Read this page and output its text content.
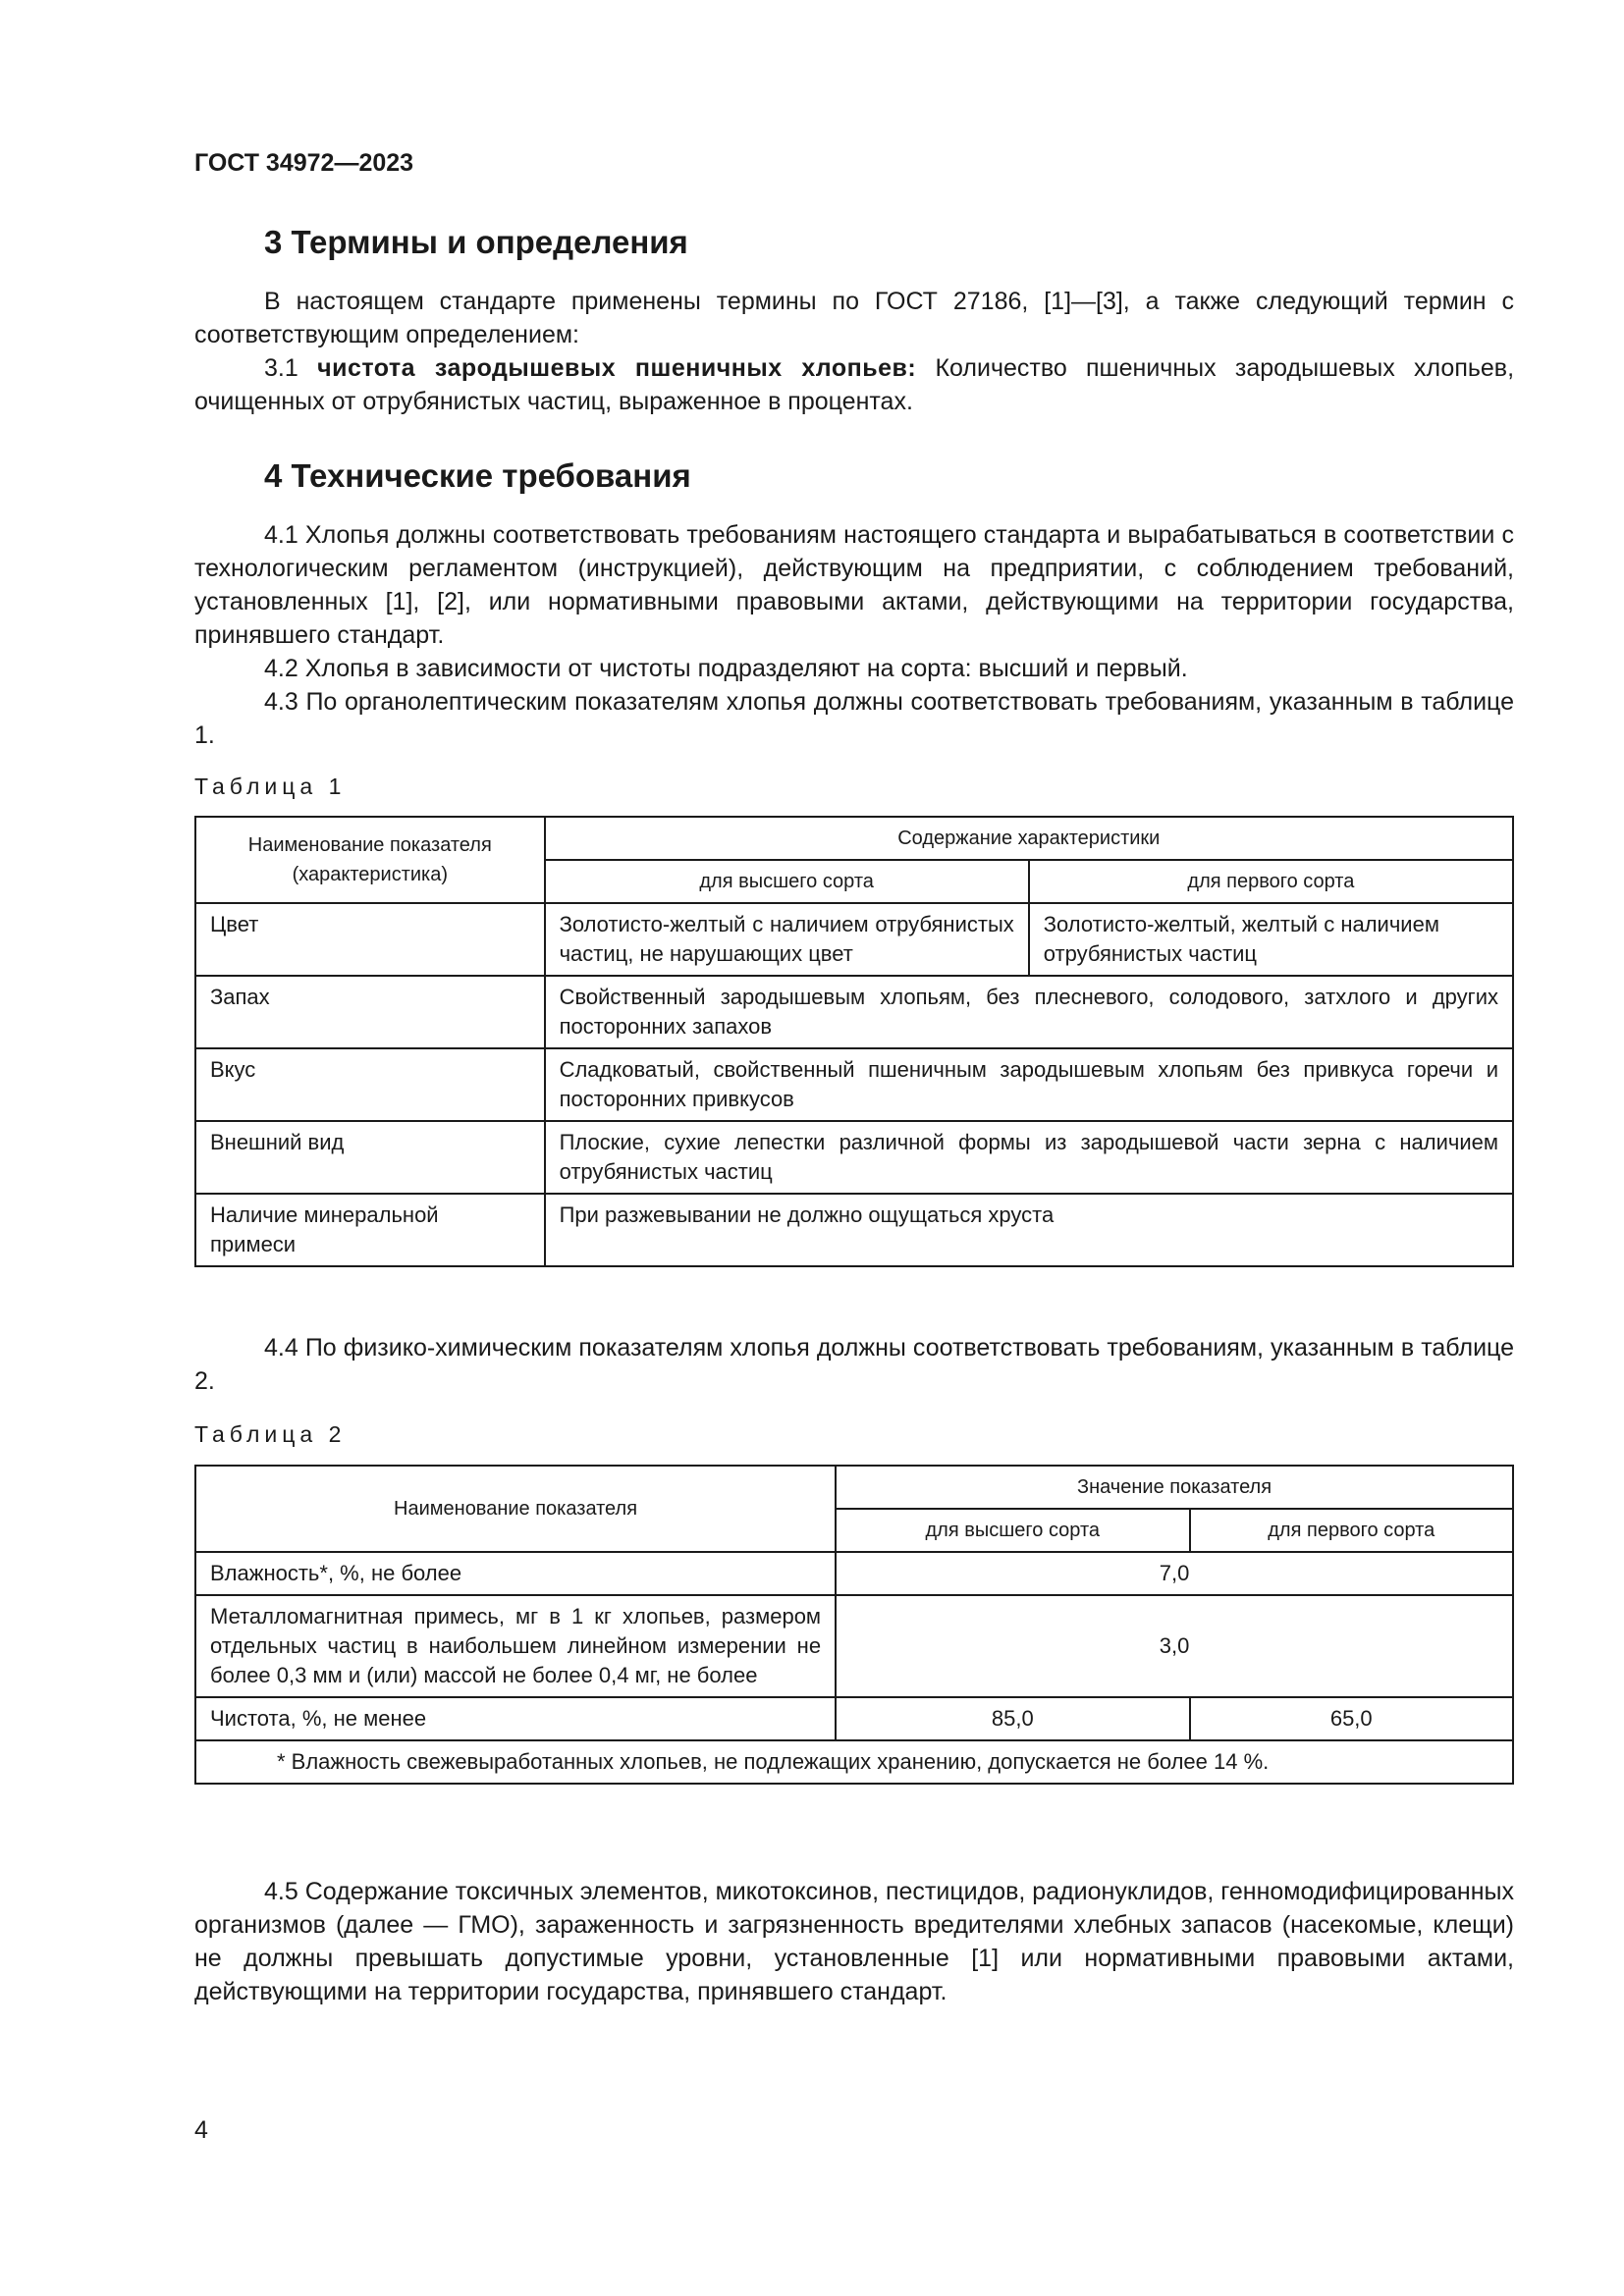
ГОСТ 34972—2023
3 Термины и определения

В настоящем стандарте применены термины по ГОСТ 27186, [1]—[3], а также следующий термин с соответствующим определением:

3.1 чистота зародышевых пшеничных хлопьев: Количество пшеничных зародышевых хлопьев, очищенных от отрубянистых частиц, выраженное в процентах.

4 Технические требования

4.1 Хлопья должны соответствовать требованиям настоящего стандарта и вырабатываться в соответствии с технологическим регламентом (инструкцией), действующим на предприятии, с соблюдением требований, установленных [1], [2], или нормативными правовыми актами, действующими на территории государства, принявшего стандарт.

4.2 Хлопья в зависимости от чистоты подразделяют на сорта: высший и первый.

4.3 По органолептическим показателям хлопья должны соответствовать требованиям, указанным в таблице 1.

Таблица 1

Наименование показателя (характеристика)	Содержание характеристики	
	для высшего сорта	для первого сорта
Цвет	Золотисто-желтый с наличием отрубянистых частиц, не нарушающих цвет	Золотисто-желтый, желтый с наличием отрубянистых частиц
Запах	Свойственный зародышевым хлопьям, без плесневого, солодового, затхлого и других посторонних запахов	
Вкус	Сладковатый, свойственный пшеничным зародышевым хлопьям без привкуса горечи и посторонних привкусов	
Внешний вид	Плоские, сухие лепестки различной формы из зародышевой части зерна с наличием отрубянистых частиц	
Наличие минеральной примеси	При разжевывании не должно ощущаться хруста	

4.4 По физико-химическим показателям хлопья должны соответствовать требованиям, указанным в таблице 2.

Таблица 2

Наименование показателя	Значение показателя	
	для высшего сорта	для первого сорта
Влажность*, %, не более	7,0	
Металломагнитная примесь, мг в 1 кг хлопьев, размером отдельных частиц в наибольшем линейном измерении не более 0,3 мм и (или) массой не более 0,4 мг, не более	3,0	
Чистота, %, не менее	85,0	65,0
* Влажность свежевыработанных хлопьев, не подлежащих хранению, допускается не более 14 %.		

4.5 Содержание токсичных элементов, микотоксинов, пестицидов, радионуклидов, генномодифицированных организмов (далее — ГМО), зараженность и загрязненность вредителями хлебных запасов (насекомые, клещи) не должны превышать допустимые уровни, установленные [1] или нормативными правовыми актами, действующими на территории государства, принявшего стандарт.

4
